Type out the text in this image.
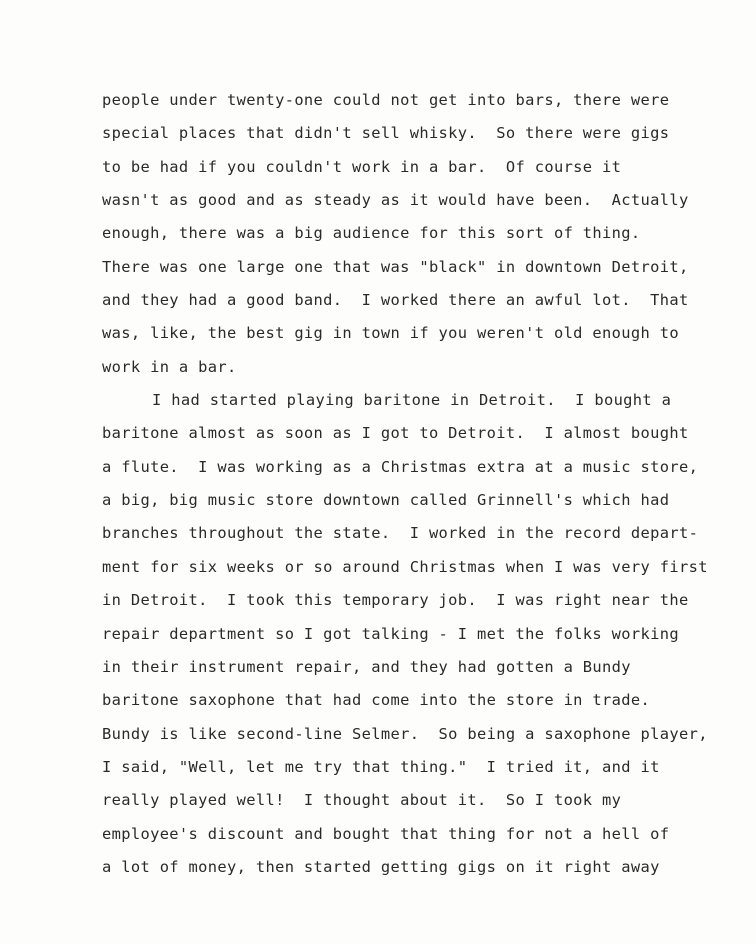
people under twenty-one could not get into bars, there were
special places that didn't sell whisky.  So there were gigs
to be had if you couldn't work in a bar.  Of course it
wasn't as good and as steady as it would have been.  Actually
enough, there was a big audience for this sort of thing.
There was one large one that was "black" in downtown Detroit,
and they had a good band.  I worked there an awful lot.  That
was, like, the best gig in town if you weren't old enough to
work in a bar.
I had started playing baritone in Detroit.  I bought a
baritone almost as soon as I got to Detroit.  I almost bought
a flute.  I was working as a Christmas extra at a music store,
a big, big music store downtown called Grinnell's which had
branches throughout the state.  I worked in the record depart-
ment for six weeks or so around Christmas when I was very first
in Detroit.  I took this temporary job.  I was right near the
repair department so I got talking - I met the folks working
in their instrument repair, and they had gotten a Bundy
baritone saxophone that had come into the store in trade.
Bundy is like second-line Selmer.  So being a saxophone player,
I said, "Well, let me try that thing."  I tried it, and it
really played well!  I thought about it.  So I took my
employee's discount and bought that thing for not a hell of
a lot of money, then started getting gigs on it right away
